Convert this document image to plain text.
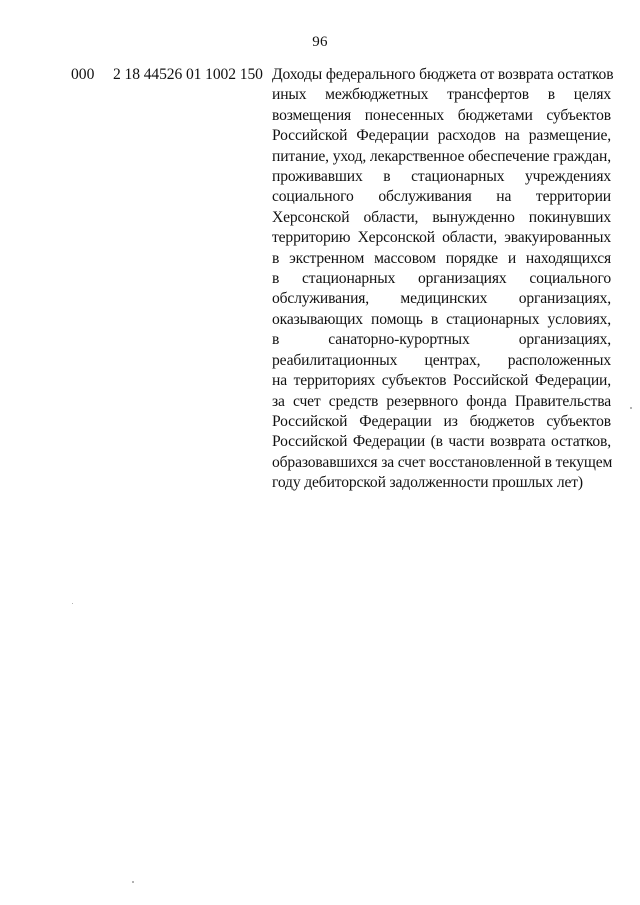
96
000 2 18 44526 01 1002 150 Доходы федерального бюджета от возврата остатков
иных межбюджетных трансфертов в целях
возмещения понесенных бюджетами субъектов
Российской Федерации расходов на размещение,
питание, уход, лекарственное обеспечение граждан,
проживавших в стационарных учреждениях
социального обслуживания на территории
Херсонской области, вынужденно покинувших
территорию Херсонской области, эвакуированных
в экстренном массовом порядке и находящихся
в стационарных организациях социального
обслуживания, медицинских организациях,
оказывающих помощь в стационарных условиях,
в санаторно-курортных организациях,
реабилитационных центрах, расположенных
на территориях субъектов Российской Федерации,
за счет средств резервного фонда Правительства
Российской Федерации из бюджетов субъектов
Российской Федерации (в части возврата остатков,
образовавшихся за счет восстановленной в текущем
году дебиторской задолженности прошлых лет)
